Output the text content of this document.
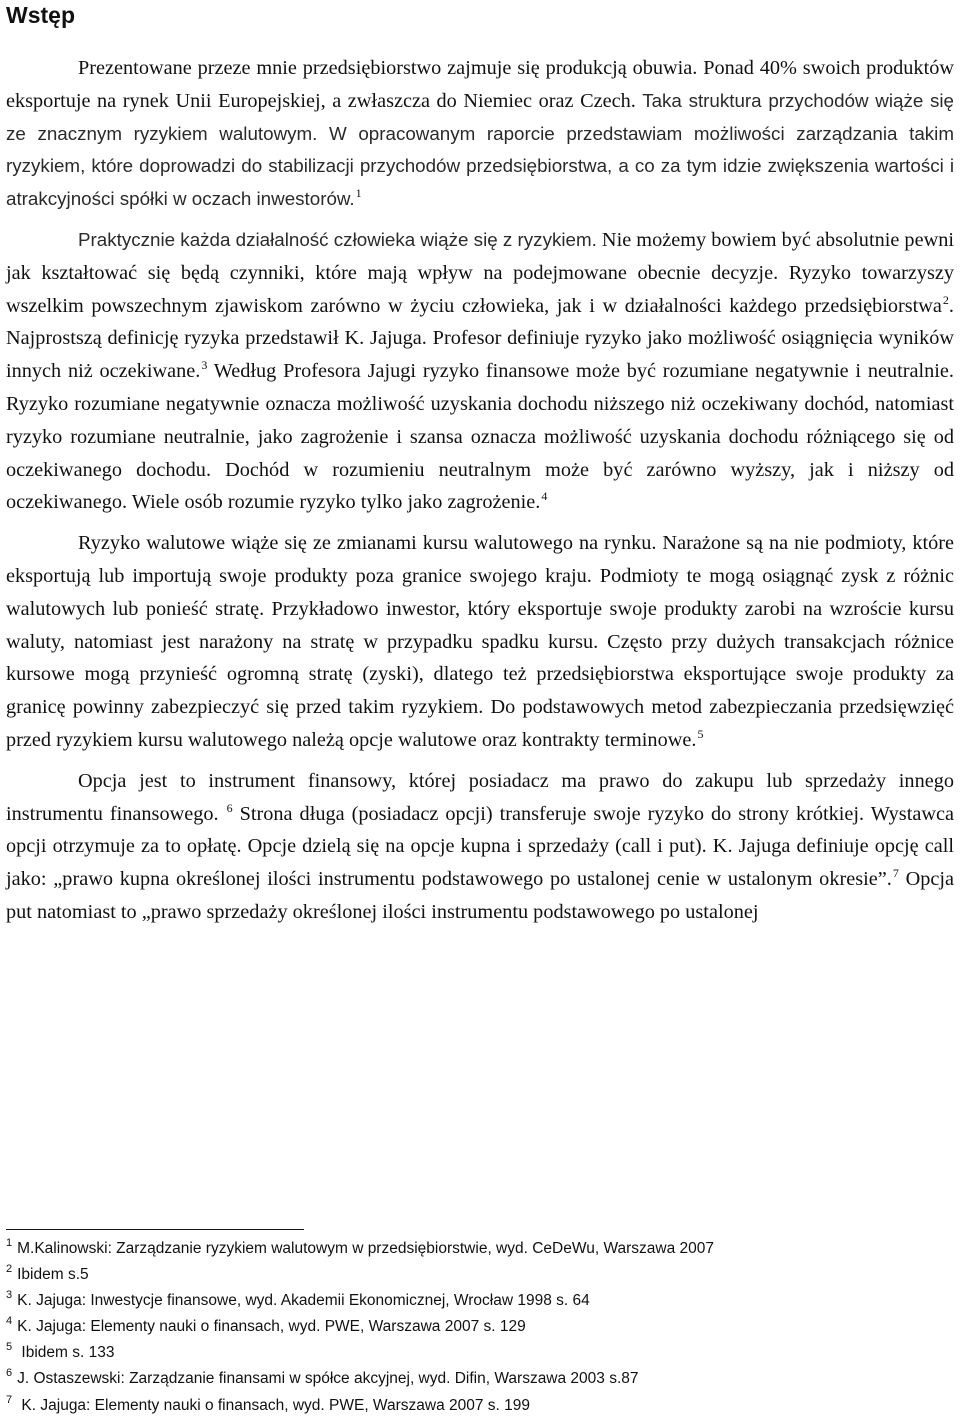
Wstęp

Prezentowane przeze mnie przedsiębiorstwo zajmuje się produkcją obuwia. Ponad 40% swoich produktów eksportuje na rynek Unii Europejskiej, a zwłaszcza do Niemiec oraz Czech. Taka struktura przychodów wiąże się ze znacznym ryzykiem walutowym. W opracowanym raporcie przedstawiam możliwości zarządzania takim ryzykiem, które doprowadzi do stabilizacji przychodów przedsiębiorstwa, a co za tym idzie zwiększenia wartości i atrakcyjności spółki w oczach inwestorów.$^1$

Praktycznie każda działalność człowieka wiąże się z ryzykiem. Nie możemy bowiem być absolutnie pewni jak kształtować się będą czynniki, które mają wpływ na podejmowane obecnie decyzje. Ryzyko towarzyszy wszelkim powszechnym zjawiskom zarówno w życiu człowieka, jak i w działalności każdego przedsiębiorstwa$^2$. Najprostszą definicję ryzyka przedstawił K. Jajuga. Profesor definiuje ryzyko jako możliwość osiągnięcia wyników innych niż oczekiwane.$^3$ Według Profesora Jajugi ryzyko finansowe może być rozumiane negatywnie i neutralnie. Ryzyko rozumiane negatywnie oznacza możliwość uzyskania dochodu niższego niż oczekiwany dochód, natomiast ryzyko rozumiane neutralnie, jako zagrożenie i szansa oznacza możliwość uzyskania dochodu różniącego się od oczekiwanego dochodu. Dochód w rozumieniu neutralnym może być zarówno wyższy, jak i niższy od oczekiwanego. Wiele osób rozumie ryzyko tylko jako zagrożenie.$^4$

Ryzyko walutowe wiąże się ze zmianami kursu walutowego na rynku. Narażone są na nie podmioty, które eksportują lub importują swoje produkty poza granice swojego kraju. Podmioty te mogą osiągnąć zysk z różnic walutowych lub ponieść stratę. Przykładowo inwestor, który eksportuje swoje produkty zarobi na wzroście kursu waluty, natomiast jest narażony na stratę w przypadku spadku kursu. Często przy dużych transakcjach różnice kursowe mogą przynieść ogromną stratę (zyski), dlatego też przedsiębiorstwa eksportujące swoje produkty za granicę powinny zabezpieczyć się przed takim ryzykiem. Do podstawowych metod zabezpieczania przedsięwzięć przed ryzykiem kursu walutowego należą opcje walutowe oraz kontrakty terminowe.$^5$

Opcja jest to instrument finansowy, której posiadacz ma prawo do zakupu lub sprzedaży innego instrumentu finansowego. $^6$ Strona długa (posiadacz opcji) transferuje swoje ryzyko do strony krótkiej. Wystawca opcji otrzymuje za to opłatę. Opcje dzielą się na opcje kupna i sprzedaży (call i put). K. Jajuga definiuje opcję call jako: „prawo kupna określonej ilości instrumentu podstawowego po ustalonej cenie w ustalonym okresie”.$^7$ Opcja put natomiast to „prawo sprzedaży określonej ilości instrumentu podstawowego po ustalonej

$^1$ M.Kalinowski: Zarządzanie ryzykiem walutowym w przedsiębiorstwie, wyd. CeDeWu, Warszawa 2007
$^2$ Ibidem s.5
$^3$ K. Jajuga: Inwestycje finansowe, wyd. Akademii Ekonomicznej, Wrocław 1998 s. 64
$^4$ K. Jajuga: Elementy nauki o finansach, wyd. PWE, Warszawa 2007 s. 129
$^5$ Ibidem s. 133
$^6$ J. Ostaszewski: Zarządzanie finansami w spółce akcyjnej, wyd. Difin, Warszawa 2003 s.87
$^7$ K. Jajuga: Elementy nauki o finansach, wyd. PWE, Warszawa 2007 s. 199
